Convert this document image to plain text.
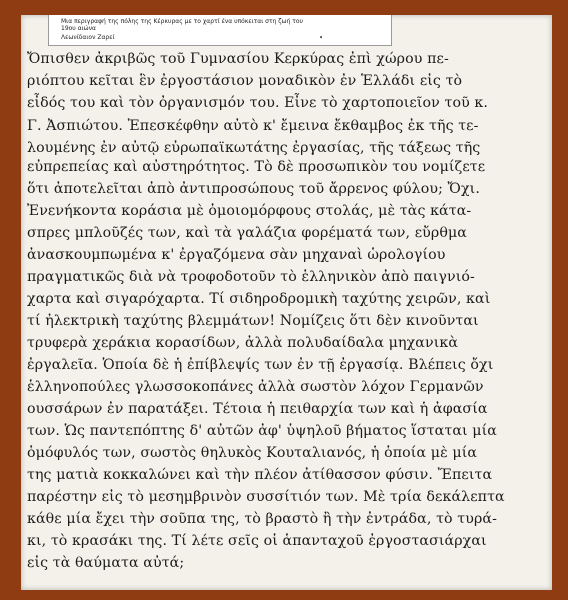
Μια περιγραφή της πόλης της Κέρκυρας με το χαρτί ένα υπόκειται στη ζωή του
19ου αιώνα
Λεωνίδαιον Ζαρεί	•
Ὄπισθεν ἀκριβῶς τοῦ Γυμνασίου Κερκύρας ἐπὶ χώρου πε-
ριόπτου κεῖται ἓν ἐργοστάσιον μοναδικὸν ἐν Ἑλλάδι εἰς τὸ
εἶδός του καὶ τὸν ὀργανισμόν του. Εἶνε τὸ χαρτοποιεῖον τοῦ κ.
Γ. Ἀσπιώτου. Ἐπεσκέφθην αὐτὸ κ' ἔμεινα ἔκθαμβος ἐκ τῆς τε-
λουμένης ἐν αὐτῷ εὐρωπαϊκωτάτης ἐργασίας, τῆς τάξεως τῆς
εὐπρεπείας καὶ αὐστηρότητος. Τὸ δὲ προσωπικὸν του νομίζετε
ὅτι ἀποτελεῖται ἀπὸ ἀντιπροσώπους τοῦ ἄρρενος φύλου; Ὄχι.
Ἐνενήκοντα κοράσια μὲ ὁμοιομόρφους στολάς, μὲ τὰς κάτα-
σπρες μπλοῦζές των, καὶ τὰ γαλάζια φορέματά των, εὔρθμα
ἀνασκουμπωμένα κ' ἐργαζόμενα σὰν μηχαναὶ ὡρολογίου
πραγματικῶς διὰ νὰ τροφοδοτοῦν τὸ ἑλληνικὸν ἀπὸ παιγνιό-
χαρτα καὶ σιγαρόχαρτα. Τί σιδηροδρομικὴ ταχύτης χειρῶν, καὶ
τί ἠλεκτρικὴ ταχύτης βλεμμάτων! Νομίζεις ὅτι δὲν κινοῦνται
τρυφερὰ χεράκια κορασίδων, ἀλλὰ πολυδαίδαλα μηχανικὰ
ἐργαλεῖα. Ὁποία δὲ ἡ ἐπίβλεψίς των ἐν τῇ ἐργασίᾳ. Βλέπεις ὄχι
ἑλληνοπούλες γλωσσοκοπάνες ἀλλὰ σωστὸν λόχον Γερμανῶν
ουσσάρων ἐν παρατάξει. Τέτοια ἡ πειθαρχία των καὶ ἡ ἀφασία
των. Ὡς παντεπόπτης δ' αὐτῶν ἀφ' ὑψηλοῦ βήματος ἵσταται μία
ὁμόφυλός των, σωστὸς θηλυκὸς Κουταλιανός, ἡ ὁποία μὲ μία
της ματιὰ κοκκαλώνει καὶ τὴν πλέον ἀτίθασσον φύσιν. Ἔπειτα
παρέστην εἰς τὸ μεσημβρινὸν συσσίτιόν των. Μὲ τρία δεκάλεπτα
κάθε μία ἔχει τὴν σοῦπα της, τὸ βραστὸ ἢ τὴν ἐντράδα, τὸ τυρά-
κι, τὸ κρασάκι της. Τί λέτε σεῖς οἱ ἁπανταχοῦ ἐργοστασιάρχαι
εἰς τὰ θαύματα αὐτά;
